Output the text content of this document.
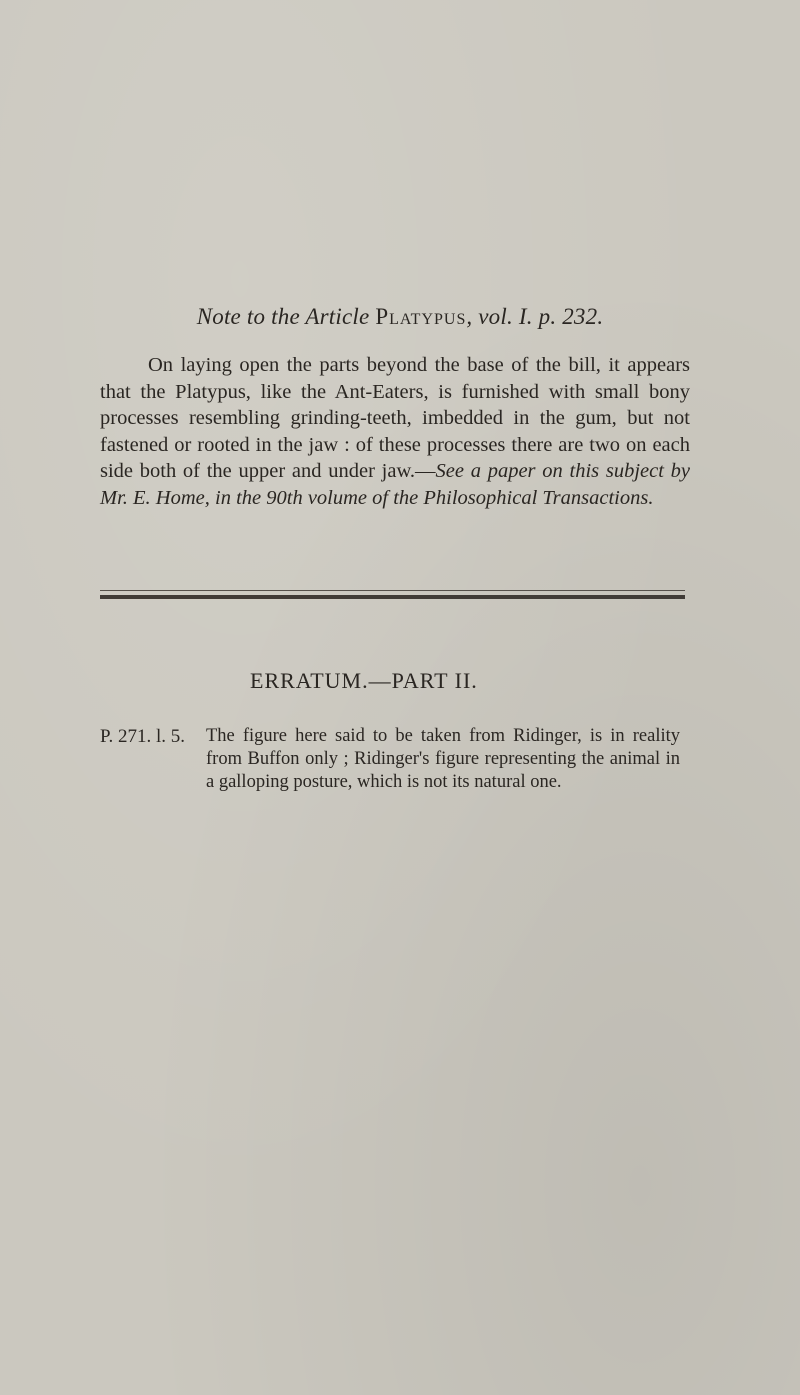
Note to the Article Platypus, vol. I. p. 232.

On laying open the parts beyond the base of the bill, it appears that the Platypus, like the Ant-Eaters, is furnished with small bony processes resembling grinding-teeth, imbedded in the gum, but not fastened or rooted in the jaw : of these processes there are two on each side both of the upper and under jaw.—See a paper on this subject by Mr. E. Home, in the 90th volume of the Philosophical Transactions.

ERRATUM.—PART II.
P. 271. l. 5.	The figure here said to be taken from Ridinger, is in reality from Buffon only ; Ridinger's figure representing the animal in a galloping posture, which is not its natural one.
